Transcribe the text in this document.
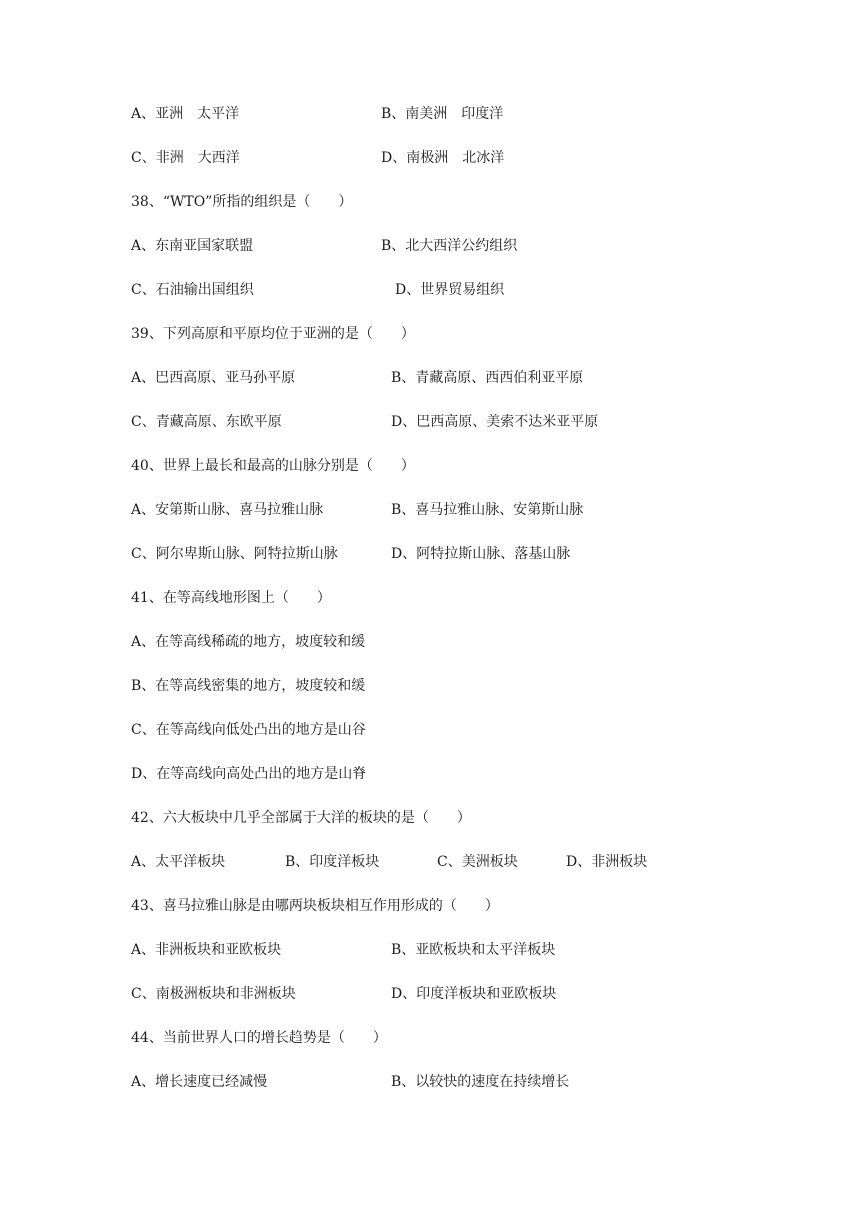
A、亚洲　太平洋	B、南美洲　印度洋
C、非洲　大西洋	D、南极洲　北冰洋
38、“WTO”所指的组织是（　　）
A、东南亚国家联盟	B、北大西洋公约组织
C、石油输出国组织	D、世界贸易组织
39、下列高原和平原均位于亚洲的是（　　）
A、巴西高原、亚马孙平原	B、青藏高原、西西伯利亚平原
C、青藏高原、东欧平原	D、巴西高原、美索不达米亚平原
40、世界上最长和最高的山脉分别是（　　）
A、安第斯山脉、喜马拉雅山脉	B、喜马拉雅山脉、安第斯山脉
C、阿尔卑斯山脉、阿特拉斯山脉	D、阿特拉斯山脉、落基山脉
41、在等高线地形图上（　　）
A、在等高线稀疏的地方，坡度较和缓
B、在等高线密集的地方，坡度较和缓
C、在等高线向低处凸出的地方是山谷
D、在等高线向高处凸出的地方是山脊
42、六大板块中几乎全部属于大洋的板块的是（　　）
A、太平洋板块	B、印度洋板块	C、美洲板块	D、非洲板块
43、喜马拉雅山脉是由哪两块板块相互作用形成的（　　）
A、非洲板块和亚欧板块	B、亚欧板块和太平洋板块
C、南极洲板块和非洲板块	D、印度洋板块和亚欧板块
44、当前世界人口的增长趋势是（　　）
A、增长速度已经减慢	B、以较快的速度在持续增长
